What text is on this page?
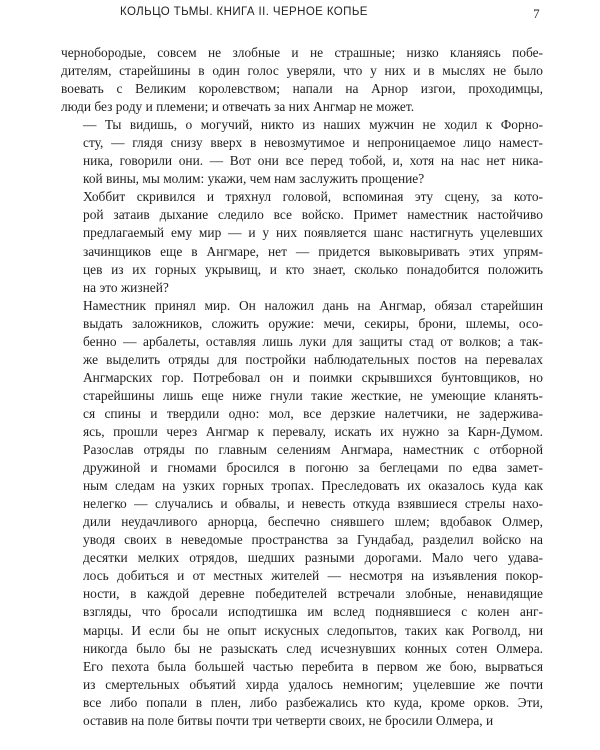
КОЛЬЦО ТЬМЫ. КНИГА II. ЧЕРНОЕ КОПЬЕ	7

чернобородые, совсем не злобные и не страшные; низко кланяясь побе-
дителям, старейшины в один голос уверяли, что у них и в мыслях не было
воевать с Великим королевством; напали на Арнор изгои, проходимцы,
люди без роду и племени; и отвечать за них Ангмар не может.

— Ты видишь, о могучий, никто из наших мужчин не ходил к Форно-
сту, — глядя снизу вверх в невозмутимое и непроницаемое лицо намест-
ника, говорили они. — Вот они все перед тобой, и, хотя на нас нет ника-
кой вины, мы молим: укажи, чем нам заслужить прощение?

Хоббит скривился и тряхнул головой, вспоминая эту сцену, за кото-
рой затаив дыхание следило все войско. Примет наместник настойчиво
предлагаемый ему мир — и у них появляется шанс настигнуть уцелевших
зачинщиков еще в Ангмаре, нет — придется выковыривать этих упрям-
цев из их горных укрывищ, и кто знает, сколько понадобится положить
на это жизней?

Наместник принял мир. Он наложил дань на Ангмар, обязал старейшин
выдать заложников, сложить оружие: мечи, секиры, брони, шлемы, осо-
бенно — арбалеты, оставляя лишь луки для защиты стад от волков; а так-
же выделить отряды для постройки наблюдательных постов на перевалах
Ангмарских гор. Потребовал он и поимки скрывшихся бунтовщиков, но
старейшины лишь еще ниже гнули такие жесткие, не умеющие кланять-
ся спины и твердили одно: мол, все дерзкие налетчики, не задерживa-
ясь, прошли через Ангмар к перевалу, искать их нужно за Карн-Думом.
Разослав отряды по главным селениям Ангмара, наместник с отборной
дружиной и гномами бросился в погоню за беглецами по едва замет-
ным следам на узких горных тропах. Преследовать их оказалось куда как
нелегко — случались и обвалы, и невесть откуда взявшиеся стрелы нахо-
дили неудачливого арнорца, беспечно снявшего шлем; вдобавок Олмер,
уводя своих в неведомые пространства за Гундабад, разделил войско на
десятки мелких отрядов, шедших разными дорогами. Мало чего удава-
лось добиться и от местных жителей — несмотря на изъявления покор-
ности, в каждой деревне победителей встречали злобные, ненавидящие
взгляды, что бросали исподтишка им вслед поднявшиеся с колен анг-
марцы. И если бы не опыт искусных следопытов, таких как Рогволд, ни
никогда было бы не разыскать след исчезнувших конных сотен Олмера.
Его пехота была большей частью перебита в первом же бою, вырваться
из смертельных объятий хирда удалось немногим; уцелевшие же почти
все либо попали в плен, либо разбежались кто куда, кроме орков. Эти,
оставив на поле битвы почти три четверти своих, не бросили Олмера, и
